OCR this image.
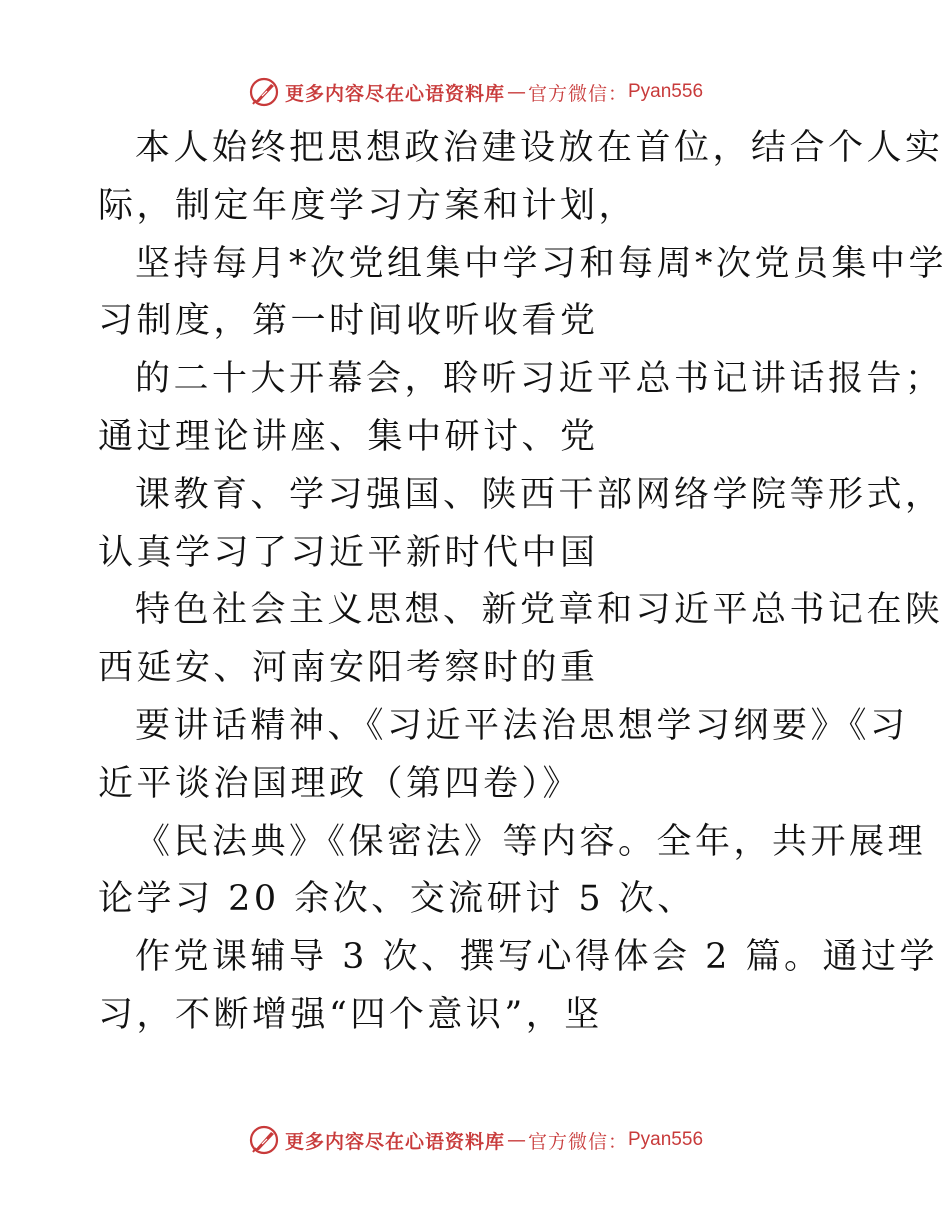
更多内容尽在心语资料库 — 官方微信： Pyan556
本人始终把思想政治建设放在首位，结合个人实
际，制定年度学习方案和计划，
坚持每月*次党组集中学习和每周*次党员集中学
习制度，第一时间收听收看党
的二十大开幕会，聆听习近平总书记讲话报告；
通过理论讲座、集中研讨、党
课教育、学习强国、陕西干部网络学院等形式，
认真学习了习近平新时代中国
特色社会主义思想、新党章和习近平总书记在陕
西延安、河南安阳考察时的重
要讲话精神、《习近平法治思想学习纲要》《习
近平谈治国理政（第四卷）》
《民法典》《保密法》等内容。全年，共开展理
论学习 20 余次、交流研讨 5 次、
作党课辅导 3 次、撰写心得体会 2 篇。通过学
习，不断增强“四个意识”，坚
更多内容尽在心语资料库 — 官方微信： Pyan556
